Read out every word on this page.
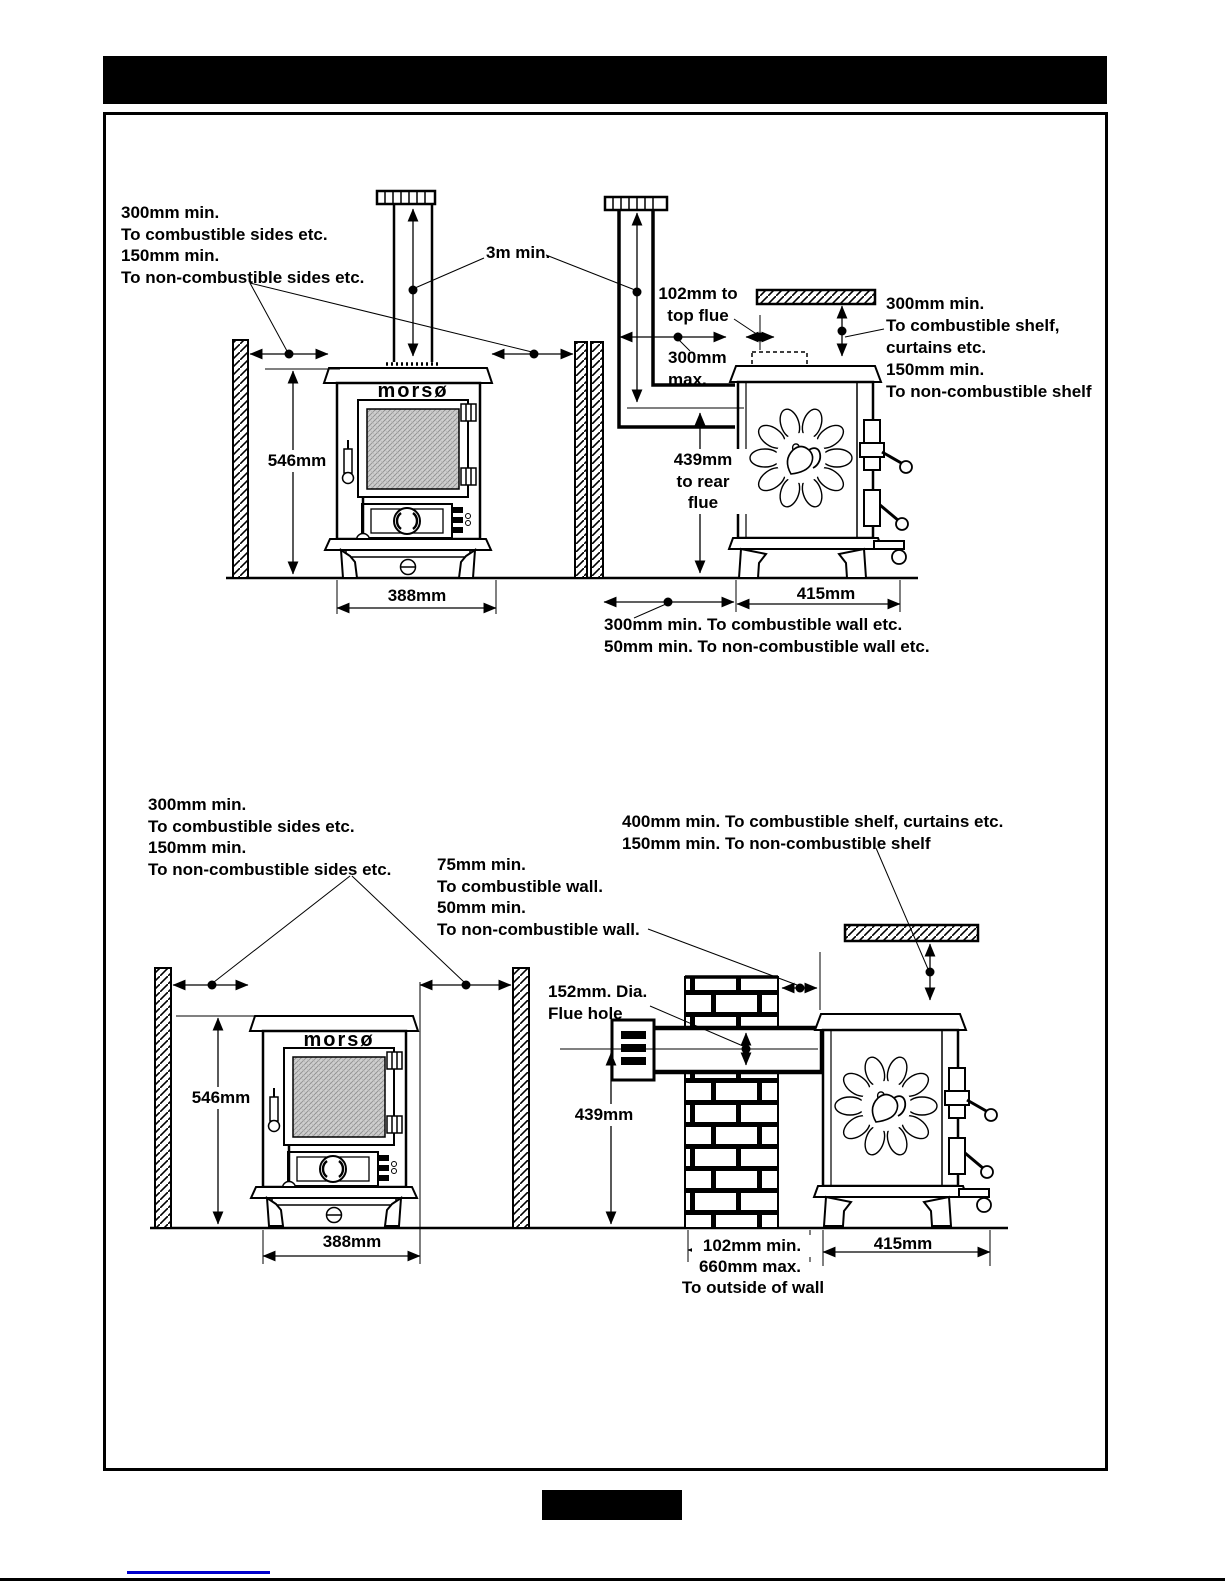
300mm min.
To combustible sides etc.
150mm min.
To non-combustible sides etc.
3m min.
102mm to
top flue
300mm
max.
300mm min.
To combustible shelf,
curtains etc.
150mm min.
To non-combustible shelf
546mm
388mm
439mm
to rear
flue
415mm
300mm min. To combustible wall etc.
50mm min. To non-combustible wall etc.
morsø
300mm min.
To combustible sides etc.
150mm min.
To non-combustible sides etc.	75mm min.
To combustible wall.
50mm min.
To non-combustible wall.
400mm min. To combustible shelf, curtains etc.
150mm min. To non-combustible shelf
152mm. Dia.
Flue hole
546mm
388mm
439mm
102mm min.
660mm max.
To outside of wall
415mm
morsø
